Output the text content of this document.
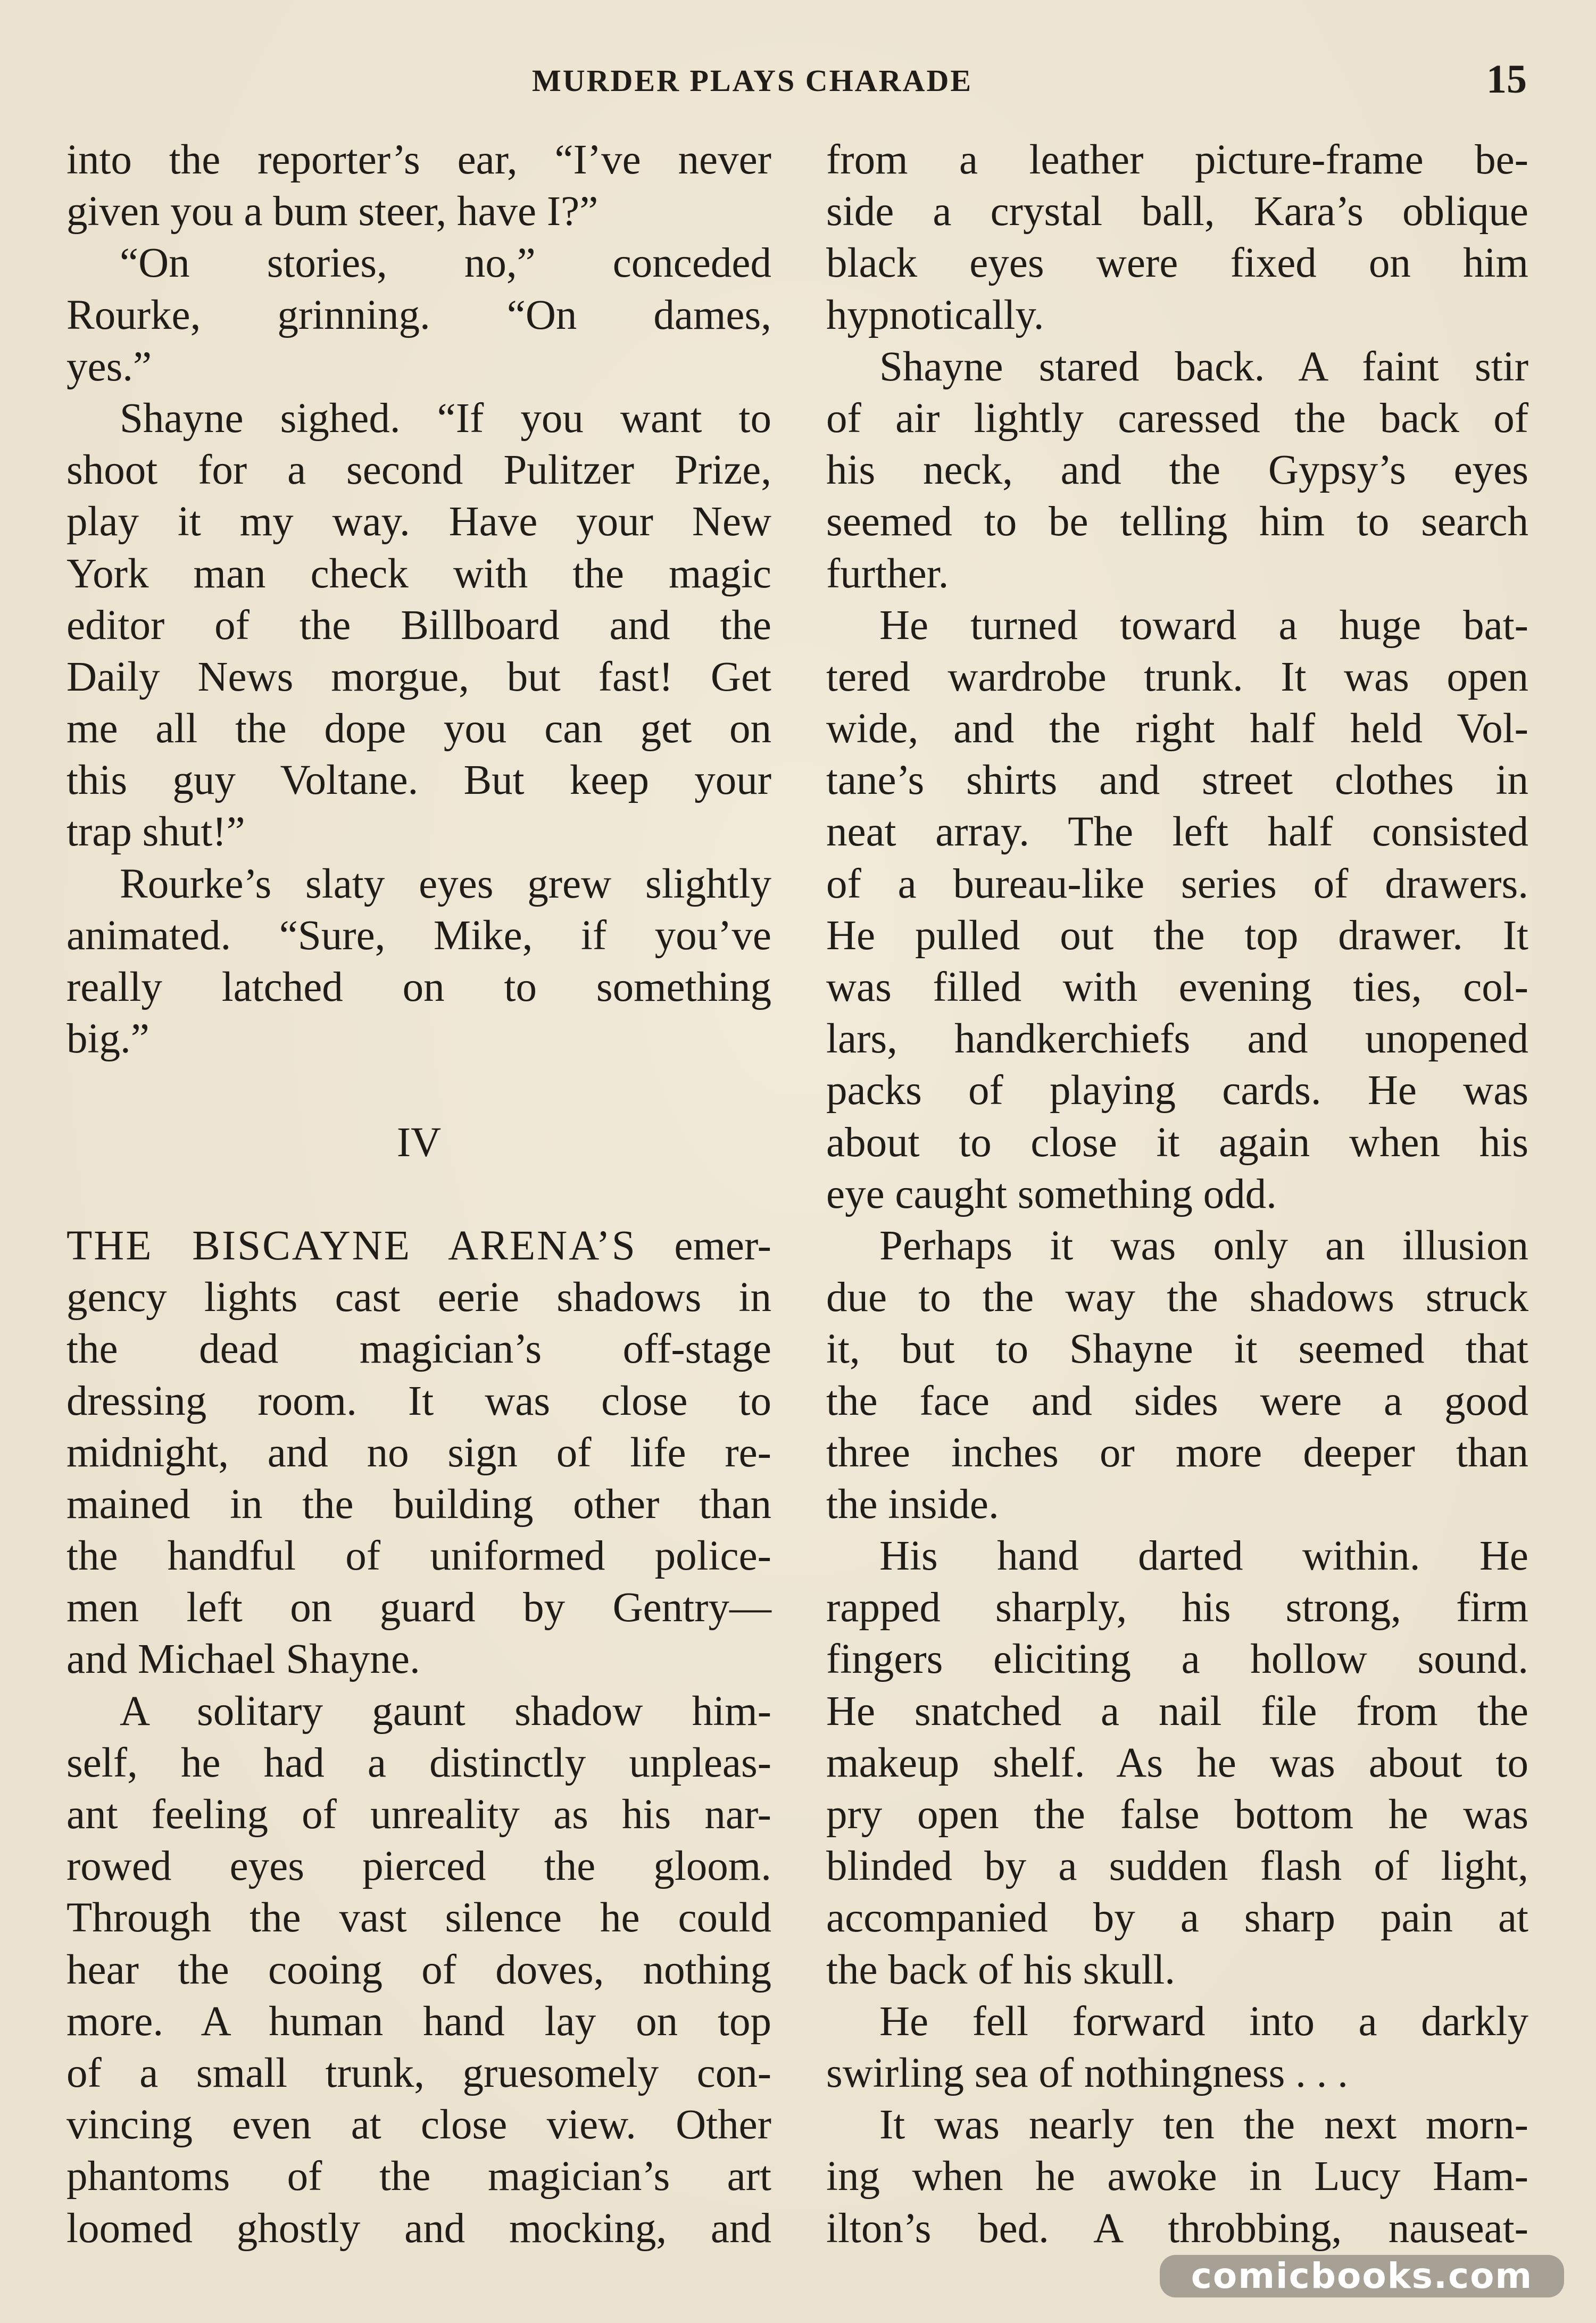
MURDER PLAYS CHARADE	15
into the reporter’s ear, “I’ve never
given you a bum steer, have I?”
“On stories, no,” conceded
Rourke, grinning. “On dames,
yes.”
Shayne sighed. “If you want to
shoot for a second Pulitzer Prize,
play it my way. Have your New
York man check with the magic
editor of the Billboard and the
Daily News morgue, but fast! Get
me all the dope you can get on
this guy Voltane. But keep your
trap shut!”
Rourke’s slaty eyes grew slightly
animated. “Sure, Mike, if you’ve
really latched on to something
big.”
IV
THE BISCAYNE ARENA’S emer-
gency lights cast eerie shadows in
the dead magician’s off-stage
dressing room. It was close to
midnight, and no sign of life re-
mained in the building other than
the handful of uniformed police-
men left on guard by Gentry—
and Michael Shayne.
A solitary gaunt shadow him-
self, he had a distinctly unpleas-
ant feeling of unreality as his nar-
rowed eyes pierced the gloom.
Through the vast silence he could
hear the cooing of doves, nothing
more. A human hand lay on top
of a small trunk, gruesomely con-
vincing even at close view. Other
phantoms of the magician’s art
loomed ghostly and mocking, and
from a leather picture-frame be-
side a crystal ball, Kara’s oblique
black eyes were fixed on him
hypnotically.
Shayne stared back. A faint stir
of air lightly caressed the back of
his neck, and the Gypsy’s eyes
seemed to be telling him to search
further.
He turned toward a huge bat-
tered wardrobe trunk. It was open
wide, and the right half held Vol-
tane’s shirts and street clothes in
neat array. The left half consisted
of a bureau-like series of drawers.
He pulled out the top drawer. It
was filled with evening ties, col-
lars, handkerchiefs and unopened
packs of playing cards. He was
about to close it again when his
eye caught something odd.
Perhaps it was only an illusion
due to the way the shadows struck
it, but to Shayne it seemed that
the face and sides were a good
three inches or more deeper than
the inside.
His hand darted within. He
rapped sharply, his strong, firm
fingers eliciting a hollow sound.
He snatched a nail file from the
makeup shelf. As he was about to
pry open the false bottom he was
blinded by a sudden flash of light,
accompanied by a sharp pain at
the back of his skull.
He fell forward into a darkly
swirling sea of nothingness . . .
It was nearly ten the next morn-
ing when he awoke in Lucy Ham-
ilton’s bed. A throbbing, nauseat-
comicbooks.com
